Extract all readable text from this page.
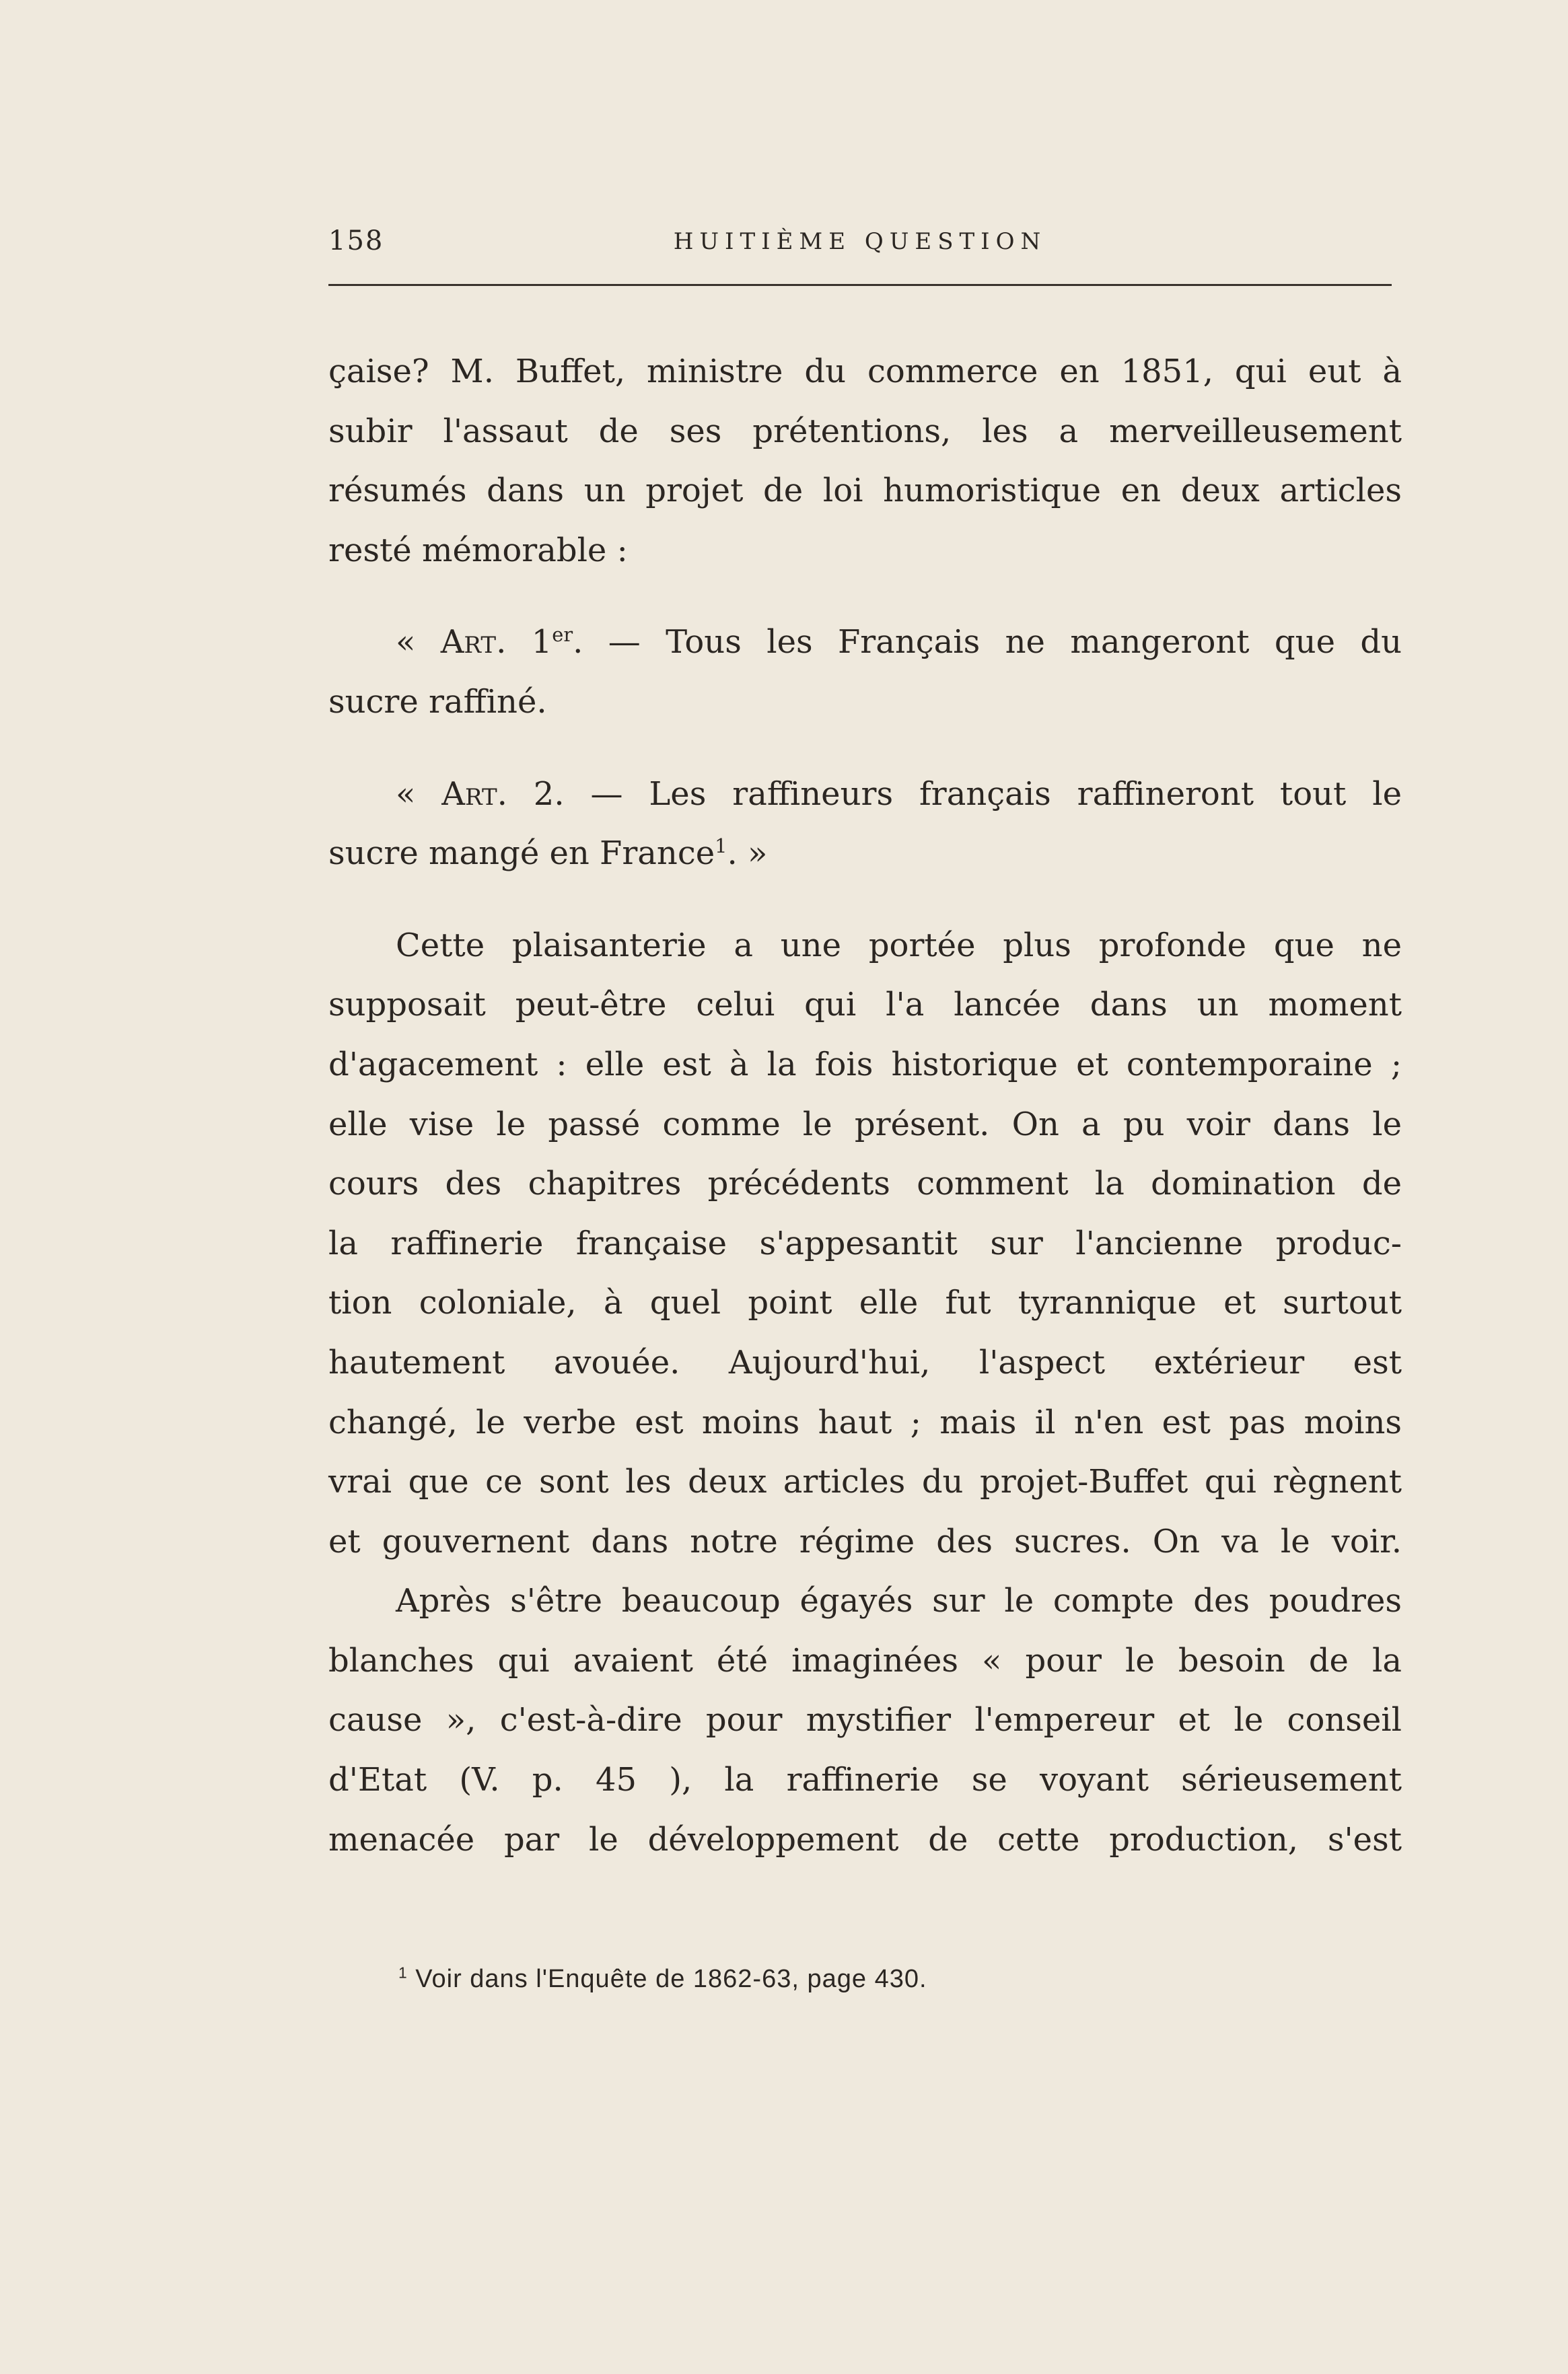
158	HUITIÈME QUESTION
çaise? M. Buffet, ministre du commerce en 1851, qui eut à
subir l'assaut de ses prétentions, les a merveilleusement
résumés dans un projet de loi humoristique en deux articles
resté mémorable :
« Art. 1er. — Tous les Français ne mangeront que du
sucre raffiné.
« Art. 2. — Les raffineurs français raffineront tout le
sucre mangé en France$^1$. »
Cette plaisanterie a une portée plus profonde que ne
supposait peut-être celui qui l'a lancée dans un moment
d'agacement : elle est à la fois historique et contemporaine ;
elle vise le passé comme le présent. On a pu voir dans le
cours des chapitres précédents comment la domination de
la raffinerie française s'appesantit sur l'ancienne produc-
tion coloniale, à quel point elle fut tyrannique et surtout
hautement avouée. Aujourd'hui, l'aspect extérieur est
changé, le verbe est moins haut ; mais il n'en est pas moins
vrai que ce sont les deux articles du projet-Buffet qui règnent
et gouvernent dans notre régime des sucres. On va le voir.
Après s'être beaucoup égayés sur le compte des poudres
blanches qui avaient été imaginées « pour le besoin de la
cause », c'est-à-dire pour mystifier l'empereur et le conseil
d'Etat (V. p. 45 ), la raffinerie se voyant sérieusement
menacée par le développement de cette production, s'est
$^1$ Voir dans l'Enquête de 1862-63, page 430.
